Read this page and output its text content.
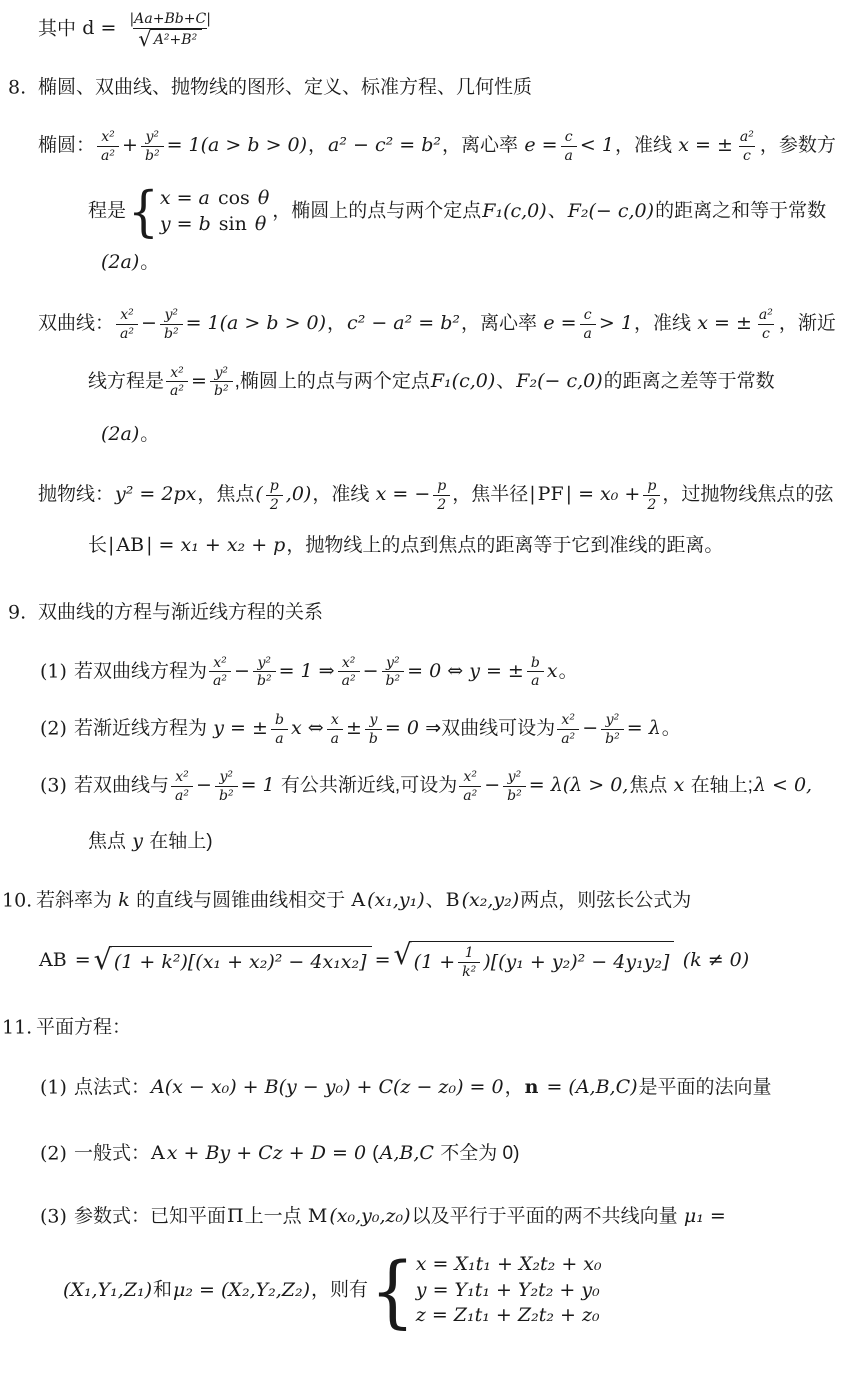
其中 $d = \frac{|Aa+Bb+C|}{\text{√ A²+B²}}$
8. 椭圆、双曲线、抛物线的图形、定义、标准方程、几何性质
椭圆： $\frac{\text{x²}}{\text{a²}} + \frac{\text{y²}}{\text{b²}} = 1(a > b > 0)$，a² − c² = b²，离心率 $e = \frac{c}{a} < 1$，准线 x = ± $\frac{\text{a²}}{c}$ ，参数方
程是 { x = a cos θ
y = b sin θ
，椭圆上的点与两个定点F₁(c,0)、F₂(− c,0)的距离之和等于常数
(2a)。
双曲线： $\frac{\text{x²}}{\text{a²}} - \frac{\text{y²}}{\text{b²}} = 1(a > b > 0)$，c² − a² = b²，离心率 $e = \frac{c}{a} > 1$，准线 x = ± $\frac{\text{a²}}{c}$ ，渐近
线方程是 $\frac{\text{x²}}{\text{a²}} = \frac{\text{y²}}{\text{b²}}$ ,椭圆上的点与两个定点F₁(c,0)、F₂(− c,0)的距离之差等于常数
(2a)。
抛物线：y² = 2px，焦点( $\frac{p}{2} ,0$)，准线 x = − $\frac{p}{2}$ ，焦半径| PF | = $x_0 + \frac{p}{2}$ ，过抛物线焦点的弦
长| AB | = x₁ + x₂ + p，抛物线上的点到焦点的距离等于它到准线的距离。
9. 双曲线的方程与渐近线方程的关系
(1) 若双曲线方程为 $\frac{\text{x²}}{\text{a²}} - \frac{\text{y²}}{\text{b²}} = 1$ ⇒ $\frac{\text{x²}}{\text{a²}} - \frac{\text{y²}}{\text{b²}} = 0$ ⇔ y = ± $\frac{b}{a}$ x。
(2) 若渐近线方程为 y = ± $\frac{b}{a}$ x ⇔ $\frac{x}{a} \pm \frac{y}{b} = 0$ ⇒双曲线可设为 $\frac{\text{x²}}{\text{a²}} - \frac{\text{y²}}{\text{b²}} = \lambda$。
(3) 若双曲线与 $\frac{\text{x²}}{\text{a²}} - \frac{\text{y²}}{\text{b²}} = 1$ 有公共渐近线,可设为 $\frac{\text{x²}}{\text{a²}} - \frac{\text{y²}}{\text{b²}} = \lambda(\lambda > 0$,焦点 x 在轴上;λ < 0,
焦点 y 在轴上)
10. 若斜率为 k 的直线与圆锥曲线相交于 A (x₁,y₁)、B (x₂,y₂)两点，则弦长公式为
AB = √ (1 + k²)[(x₁ + x₂)² − 4x₁x₂] = √ $(1 + \frac{1}{\text{k²}} )[(y_1 + y_2)^2 - 4y_1y_2] (k \ne 0)$
11. 平面方程：
(1) 点法式：A(x − x₀) + B(y − y₀) + C(z − z₀) = 0，n = (A,B,C)是平面的法向量
(2) 一般式：A x + By + Cz + D = 0 (A,B,C 不全为 0)
(3) 参数式：已知平面Π上一点 M (x₀,y₀,z₀)以及平行于平面的两不共线向量 μ₁ =
(X₁,Y₁,Z₁)和μ₂ = (X₂,Y₂,Z₂)，则有 { x = X₁t₁ + X₂t₂ + x₀
y = Y₁t₁ + Y₂t₂ + y₀
z = Z₁t₁ + Z₂t₂ + z₀
